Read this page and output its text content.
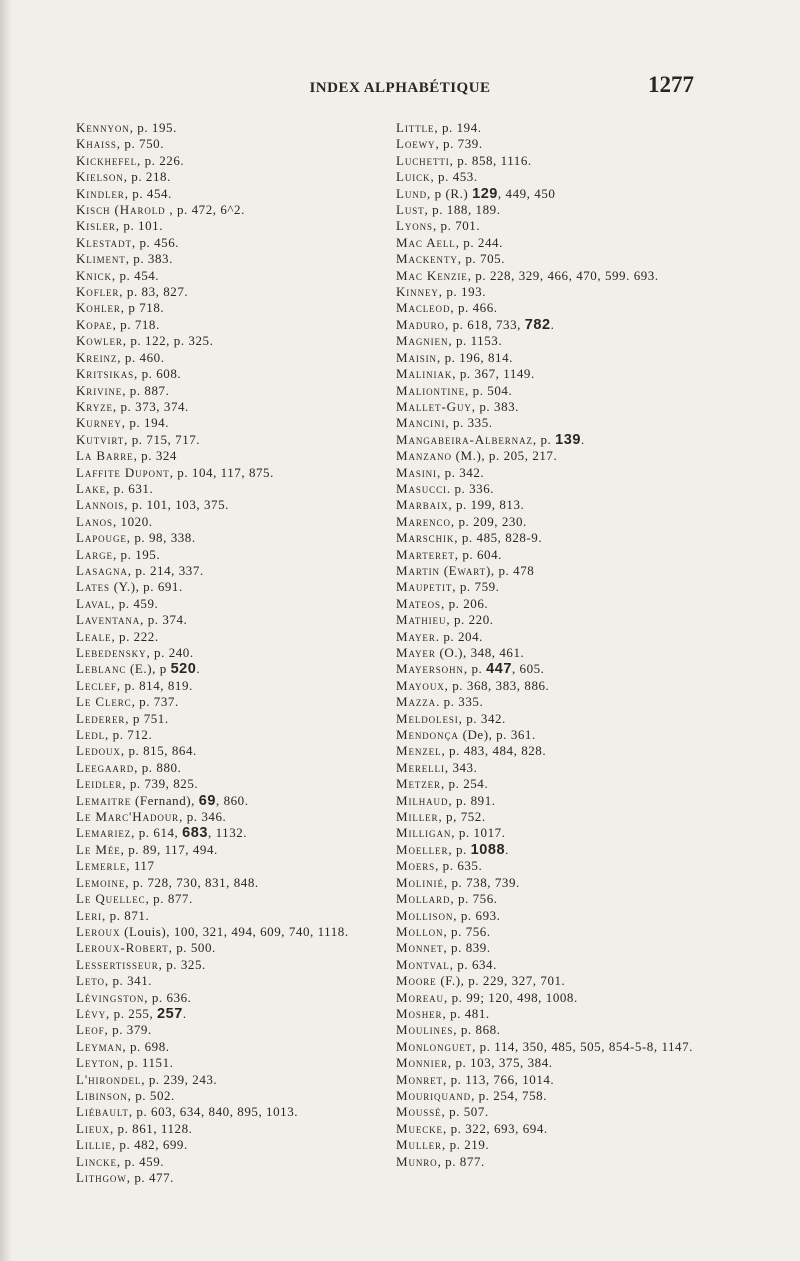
INDEX ALPHABÉTIQUE	1277
Kennyon, p. 195.
Khaiss, p. 750.
Kickhefel, p. 226.
Kielson, p. 218.
Kindler, p. 454.
Kisch (Harold , p. 472, 6^2.
Kisler, p. 101.
Klestadt, p. 456.
Kliment, p. 383.
Knick, p. 454.
Kofler, p. 83, 827.
Kohler, p 718.
Kopae, p. 718.
Kowler, p. 122, p. 325.
Kreinz, p. 460.
Kritsikas, p. 608.
Krivine, p. 887.
Kryze, p. 373, 374.
Kurney, p. 194.
Kutvirt, p. 715, 717.
La Barre, p. 324
Laffite Dupont, p. 104, 117, 875.
Lake, p. 631.
Lannois, p. 101, 103, 375.
Lanos, 1020.
Lapouge, p. 98, 338.
Large, p. 195.
Lasagna, p. 214, 337.
Lates (Y.), p. 691.
Laval, p. 459.
Laventana, p. 374.
Leale, p. 222.
Lebedensky, p. 240.
Leblanc (E.), p 520.
Leclef, p. 814, 819.
Le Clerc, p. 737.
Lederer, p 751.
Ledl, p. 712.
Ledoux, p. 815, 864.
Leegaard, p. 880.
Leidler, p. 739, 825.
Lemaitre (Fernand), 69, 860.
Le Marc'Hadour, p. 346.
Lemariez, p. 614, 683, 1132.
Le Mée, p. 89, 117, 494.
Lemerle, 117
Lemoine, p. 728, 730, 831, 848.
Le Quellec, p. 877.
Leri, p. 871.
Leroux (Louis), 100, 321, 494, 609, 740, 1118.
Leroux-Robert, p. 500.
Lessertisseur, p. 325.
Leto, p. 341.
Lévingston, p. 636.
Lévy, p. 255, 257.
Leof, p. 379.
Leyman, p. 698.
Leyton, p. 1151.
L'hirondel, p. 239, 243.
Libinson, p. 502.
Liébault, p. 603, 634, 840, 895, 1013.
Lieux, p. 861, 1128.
Lillie, p. 482, 699.
Lincke, p. 459.
Lithgow, p. 477.
Little, p. 194.
Loewy, p. 739.
Luchetti, p. 858, 1116.
Luick, p. 453.
Lund, p (R.) 129, 449, 450
Lust, p. 188, 189.
Lyons, p. 701.
Mac Aell, p. 244.
Mackenty, p. 705.
Mac Kenzie, p. 228, 329, 466, 470, 599. 693.
Kinney, p. 193.
Macleod, p. 466.
Maduro, p. 618, 733, 782.
Magnien, p. 1153.
Maisin, p. 196, 814.
Maliniak, p. 367, 1149.
Maliontine, p. 504.
Mallet-Guy, p. 383.
Mancini, p. 335.
Mangabeira-Albernaz, p. 139.
Manzano (M.), p. 205, 217.
Masini, p. 342.
Masucci. p. 336.
Marbaix, p. 199, 813.
Marenco, p. 209, 230.
Marschik, p. 485, 828-9.
Marteret, p. 604.
Martin (Ewart), p. 478
Maupetit, p. 759.
Mateos, p. 206.
Mathieu, p. 220.
Mayer. p. 204.
Mayer (O.), 348, 461.
Mayersohn, p. 447, 605.
Mayoux, p. 368, 383, 886.
Mazza. p. 335.
Meldolesi, p. 342.
Mendonça (De), p. 361.
Menzel, p. 483, 484, 828.
Merelli, 343.
Metzer, p. 254.
Milhaud, p. 891.
Miller, p, 752.
Milligan, p. 1017.
Moeller, p. 1088.
Moers, p. 635.
Molinié, p. 738, 739.
Mollard, p. 756.
Mollison, p. 693.
Mollon, p. 756.
Monnet, p. 839.
Montval, p. 634.
Moore (F.), p. 229, 327, 701.
Moreau, p. 99; 120, 498, 1008.
Mosher, p. 481.
Moulines, p. 868.
Monlonguet, p. 114, 350, 485, 505, 854-5-8, 1147.
Monnier, p. 103, 375, 384.
Monret, p. 113, 766, 1014.
Mouriquand, p. 254, 758.
Moussé, p. 507.
Muecke, p. 322, 693, 694.
Muller, p. 219.
Munro, p. 877.
